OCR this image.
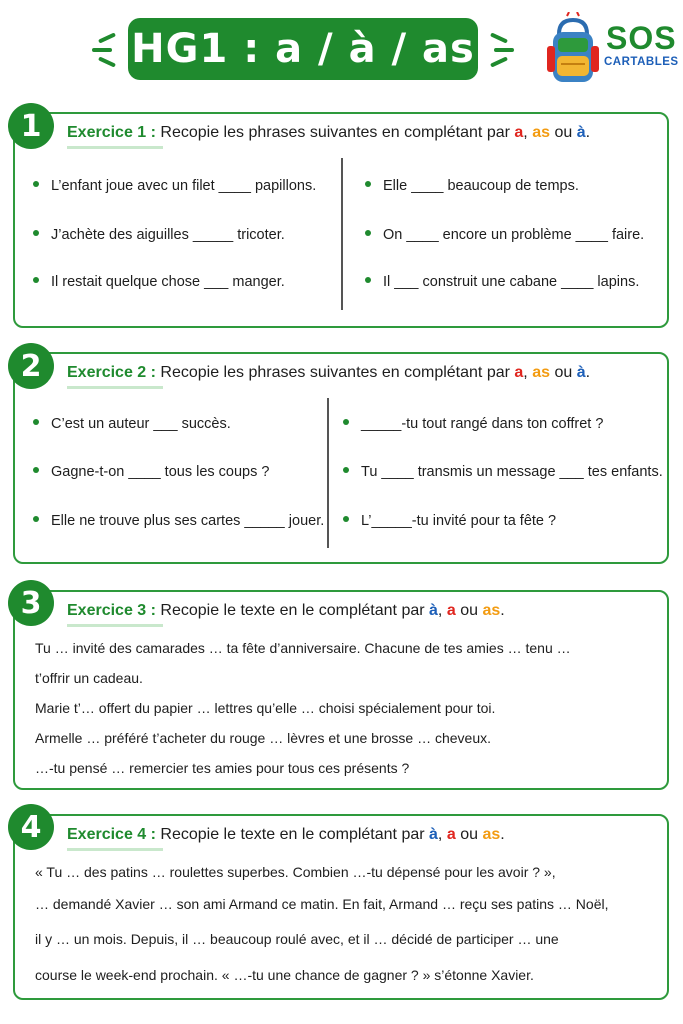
HG1 : a / à / as	SOS
CARTABLES
Exercice 1 : Recopie les phrases suivantes en complétant par a, as ou à.
L’enfant joue avec un filet ____ papillons.
J’achète des aiguilles _____ tricoter.
Il restait quelque chose ___ manger.
Elle ____ beaucoup de temps.
On ____ encore un problème ____ faire.
Il ___ construit une cabane ____ lapins.
1
Exercice 2 : Recopie les phrases suivantes en complétant par a, as ou à.
C’est un auteur ___ succès.
Gagne-t-on ____ tous les coups ?
Elle ne trouve plus ses cartes _____ jouer.
_____-tu tout rangé dans ton coffret ?
Tu ____ transmis un message ___ tes enfants.
L’_____-tu invité pour ta fête ?
2
Exercice 3 : Recopie le texte en le complétant par à, a ou as.
Tu … invité des camarades … ta fête d’anniversaire. Chacune de tes amies … tenu …
t’offrir un cadeau.
Marie t’… offert du papier … lettres qu’elle … choisi spécialement pour toi.
Armelle … préféré t’acheter du rouge … lèvres et une brosse … cheveux.
…-tu pensé … remercier tes amies pour tous ces présents ?
3
Exercice 4 : Recopie le texte en le complétant par à, a ou as.
« Tu … des patins … roulettes superbes. Combien …-tu dépensé pour les avoir ? »,
… demandé Xavier … son ami Armand ce matin. En fait, Armand … reçu ses patins … Noël,
il y … un mois. Depuis, il … beaucoup roulé avec, et il … décidé de participer … une
course le week-end prochain. « …-tu une chance de gagner ? » s’étonne Xavier.
4
